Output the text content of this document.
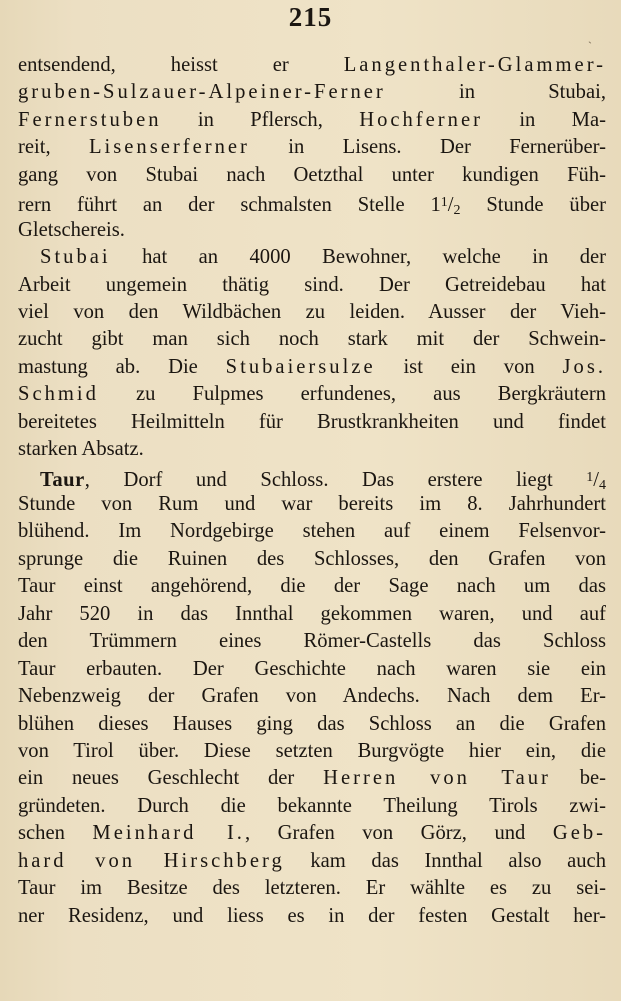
215
ˎ
entsendend, heisst er Langenthaler-Glammer-
gruben-Sulzauer-Alpeiner-Ferner in Stubai,
Fernerstuben in Pflersch, Hochferner in Ma-
reit, Lisenserferner in Lisens. Der Fernerüber-
gang von Stubai nach Oetzthal unter kundigen Füh-
rern führt an der schmalsten Stelle $1^1/2$ Stunde über
Gletschereis.
Stubai hat an 4000 Bewohner, welche in der
Arbeit ungemein thätig sind. Der Getreidebau hat
viel von den Wildbächen zu leiden. Ausser der Vieh-
zucht gibt man sich noch stark mit der Schwein-
mastung ab. Die Stubaiersulze ist ein von Jos.
Schmid zu Fulpmes erfundenes, aus Bergkräutern
bereitetes Heilmitteln für Brustkrankheiten und findet
starken Absatz.
Taur, Dorf und Schloss. Das erstere liegt $^1$/4
Stunde von Rum und war bereits im 8. Jahrhundert
blühend. Im Nordgebirge stehen auf einem Felsenvor-
sprunge die Ruinen des Schlosses, den Grafen von
Taur einst angehörend, die der Sage nach um das
Jahr 520 in das Innthal gekommen waren, und auf
den Trümmern eines Römer-Castells das Schloss
Taur erbauten. Der Geschichte nach waren sie ein
Nebenzweig der Grafen von Andechs. Nach dem Er-
blühen dieses Hauses ging das Schloss an die Grafen
von Tirol über. Diese setzten Burgvögte hier ein, die
ein neues Geschlecht der Herren von Taur be-
gründeten. Durch die bekannte Theilung Tirols zwi-
schen Meinhard I., Grafen von Görz, und Geb-
hard von Hirschberg kam das Innthal also auch
Taur im Besitze des letzteren. Er wählte es zu sei-
ner Residenz, und liess es in der festen Gestalt her-
